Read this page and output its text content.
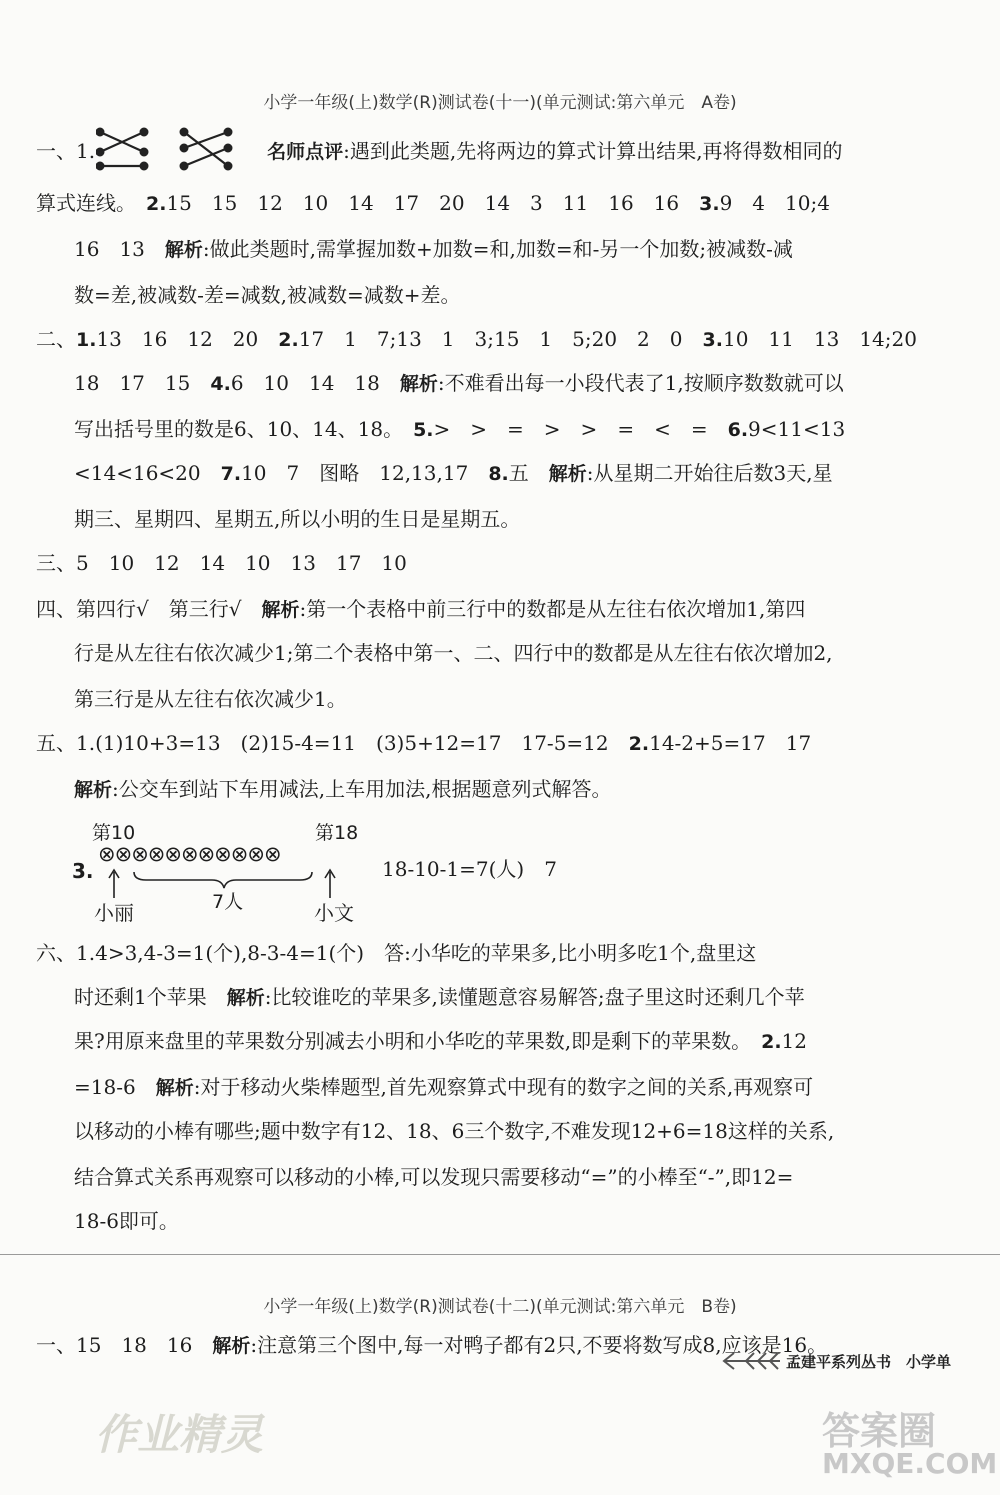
小学一年级(上)数学(R)测试卷(十一)(单元测试:第六单元　A卷)
一、1.	名师点评:遇到此类题,先将两边的算式计算出结果,再将得数相同的
算式连线。　 2.15　15　12　10　14　17　20　14　3　11　16　16　 3.9　4　10;4
16　13　 解析:做此类题时,需掌握加数+加数=和,加数=和-另一个加数;被减数-减
数=差,被减数-差=减数,被减数=减数+差。
二、1.13　16　12　20　 2.17　1　7;13　1　3;15　1　5;20　2　0　 3.10　11　13　14;20
18　17　15　 4.6　10　14　18　 解析:不难看出每一小段代表了1,按顺序数数就可以
写出括号里的数是6、10、14、18。　 5.>　>　=　>　>　=　<　=　 6.9<11<13
<14<16<20　 7.10　7　图略　12,13,17　 8.五　 解析:从星期二开始往后数3天,星
期三、星期四、星期五,所以小明的生日是星期五。
三、5　10　12　14　10　13　17　10
四、第四行√　第三行√　 解析:第一个表格中前三行中的数都是从左往右依次增加1,第四
行是从左往右依次减少1;第二个表格中第一、二、四行中的数都是从左往右依次增加2,
第三行是从左往右依次减少1。
五、1.(1)10+3=13　(2)15-4=11　(3)5+12=17　17-5=12　 2.14-2+5=17　17
解析:公交车到站下车用减法,上车用加法,根据题意列式解答。
第10	第18
⊗⊗⊗⊗⊗⊗⊗⊗⊗⊗⊗
3.
7人
小丽	小文
18-10-1=7(人)　7
六、1.4>3,4-3=1(个),8-3-4=1(个)　答:小华吃的苹果多,比小明多吃1个,盘里这
时还剩1个苹果　 解析:比较谁吃的苹果多,读懂题意容易解答;盘子里这时还剩几个苹
果?用原来盘里的苹果数分别减去小明和小华吃的苹果数,即是剩下的苹果数。　 2.12
=18-6　 解析:对于移动火柴棒题型,首先观察算式中现有的数字之间的关系,再观察可
以移动的小棒有哪些;题中数字有12、18、6三个数字,不难发现12+6=18这样的关系,
结合算式关系再观察可以移动的小棒,可以发现只需要移动“=”的小棒至“-”,即12=
18-6即可。
小学一年级(上)数学(R)测试卷(十二)(单元测试:第六单元　B卷)
一、15　18　16　 解析:注意第三个图中,每一对鸭子都有2只,不要将数写成8,应该是16。
孟建平系列丛书　小学单
作业精灵	答案圈
MXQE.COM
